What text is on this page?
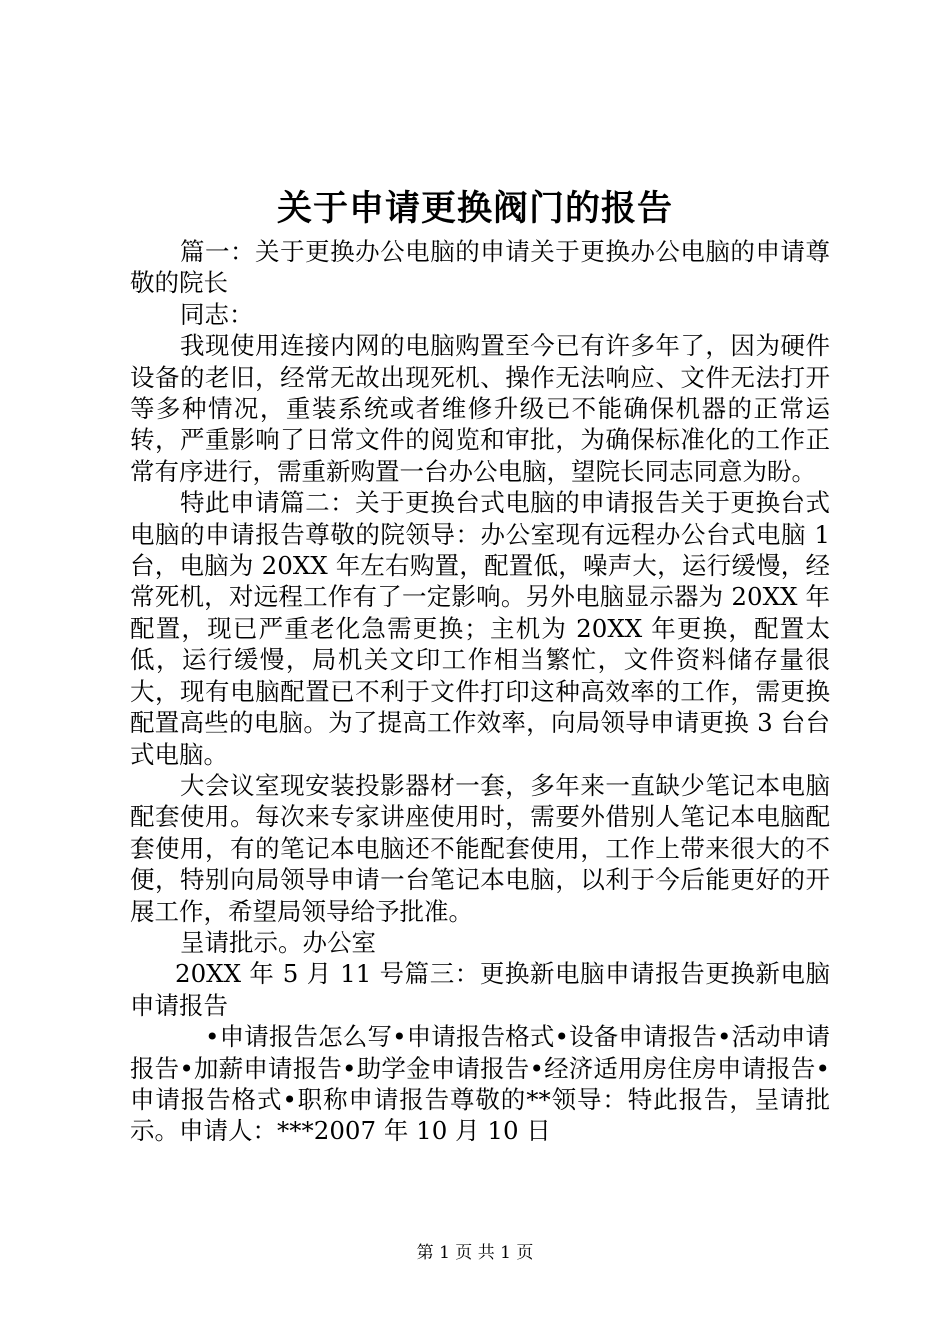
关于申请更换阀门的报告

篇一：关于更换办公电脑的申请关于更换办公电脑的申请尊敬的院长

同志：

我现使用连接内网的电脑购置至今已有许多年了，因为硬件设备的老旧，经常无故出现死机、操作无法响应、文件无法打开等多种情况，重装系统或者维修升级已不能确保机器的正常运转，严重影响了日常文件的阅览和审批，为确保标准化的工作正常有序进行，需重新购置一台办公电脑，望院长同志同意为盼。

特此申请篇二：关于更换台式电脑的申请报告关于更换台式电脑的申请报告尊敬的院领导：办公室现有远程办公台式电脑 1 台，电脑为 20XX 年左右购置，配置低，噪声大，运行缓慢，经常死机，对远程工作有了一定影响。另外电脑显示器为 20XX 年配置，现已严重老化急需更换；主机为 20XX 年更换，配置太低，运行缓慢，局机关文印工作相当繁忙，文件资料储存量很大，现有电脑配置已不利于文件打印这种高效率的工作，需更换配置高些的电脑。为了提高工作效率，向局领导申请更换 3 台台式电脑。

大会议室现安装投影器材一套，多年来一直缺少笔记本电脑配套使用。每次来专家讲座使用时，需要外借别人笔记本电脑配套使用，有的笔记本电脑还不能配套使用，工作上带来很大的不便，特别向局领导申请一台笔记本电脑，以利于今后能更好的开展工作，希望局领导给予批准。

呈请批示。办公室

20XX 年 5 月 11 号篇三：更换新电脑申请报告更换新电脑申请报告

•申请报告怎么写•申请报告格式•设备申请报告•活动申请报告•加薪申请报告•助学金申请报告•经济适用房住房申请报告•申请报告格式•职称申请报告尊敬的**领导：特此报告，呈请批示。申请人：***2007 年 10 月 10 日

第 1 页 共 1 页
